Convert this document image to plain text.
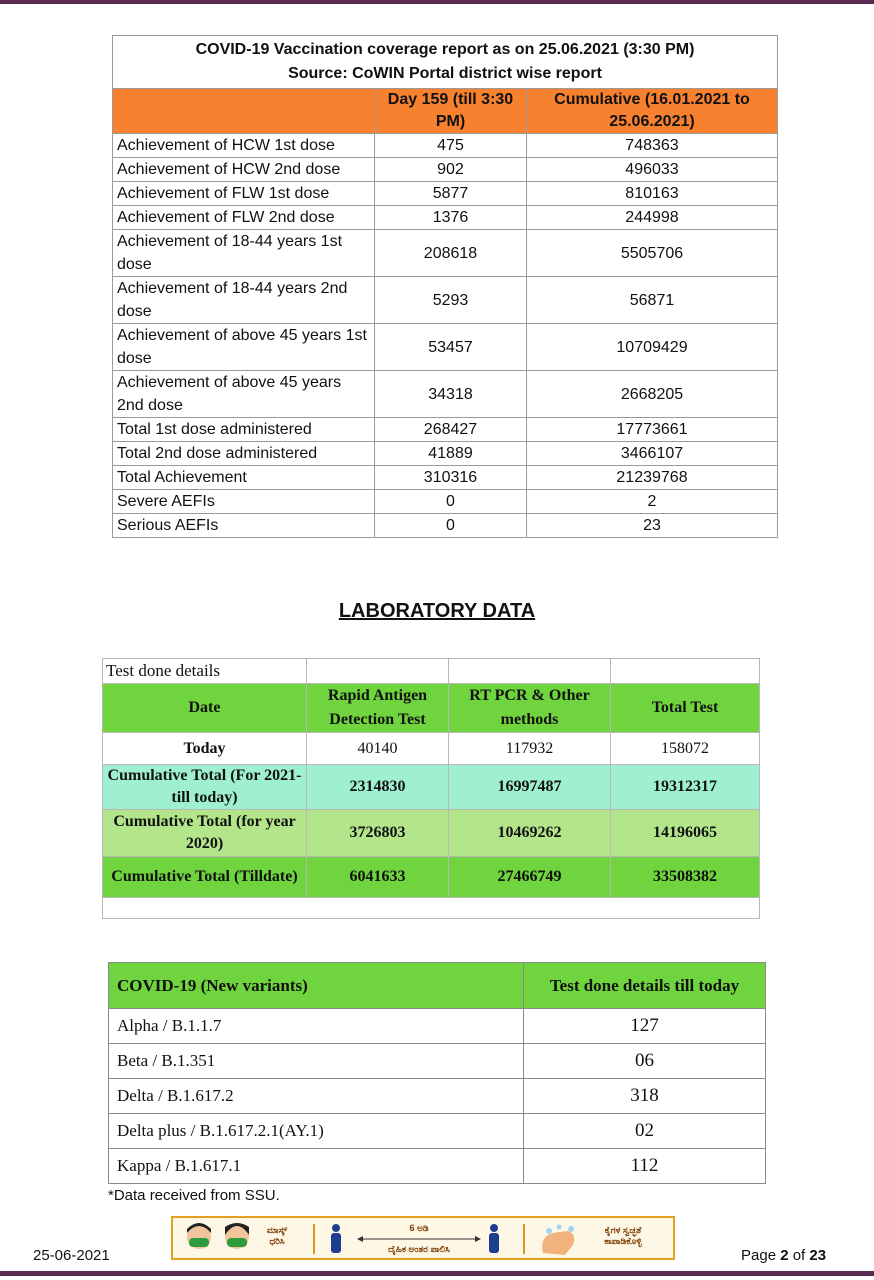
COVID-19 Vaccination coverage report as on 25.06.2021 (3:30 PM)
Source: CoWIN Portal district wise report		

	Day 159 (till 3:30 PM)	Cumulative (16.01.2021 to 25.06.2021)
Achievement of HCW 1st dose	475	748363
Achievement of HCW 2nd dose	902	496033
Achievement of FLW 1st dose	5877	810163
Achievement of FLW 2nd dose	1376	244998
Achievement of 18-44 years 1st dose	208618	5505706
Achievement of 18-44 years 2nd dose	5293	56871
Achievement of above 45 years 1st dose	53457	10709429
Achievement of above 45 years 2nd dose	34318	2668205
Total 1st dose administered	268427	17773661
Total 2nd dose administered	41889	3466107
Total Achievement	310316	21239768
Severe AEFIs	0	2
Serious AEFIs	0	23
LABORATORY DATA
Test done details			
Date	Rapid Antigen Detection Test	RT PCR & Other methods	Total Test
Today	40140	117932	158072
Cumulative Total (For 2021- till today)	2314830	16997487	19312317
Cumulative Total (for year 2020)	3726803	10469262	14196065
Cumulative Total (Tilldate)	6041633	27466749	33508382

COVID-19 (New variants)	Test done details till today
Alpha / B.1.1.7	127
Beta / B.1.351	06
Delta / B.1.617.2	318
Delta plus / B.1.617.2.1(AY.1)	02
Kappa / B.1.617.1	112
*Data received from SSU.
ಮಾಸ್ಕ್ ಧರಿಸಿ
6 ಅಡಿ
ದೈಹಿಕ ಅಂತರ ಪಾಲಿಸಿ
ಕೈಗಳ ಸ್ವಚ್ಛತೆ ಕಾಪಾಡಿಕೊಳ್ಳಿ
25-06-2021	Page 2 of 23
